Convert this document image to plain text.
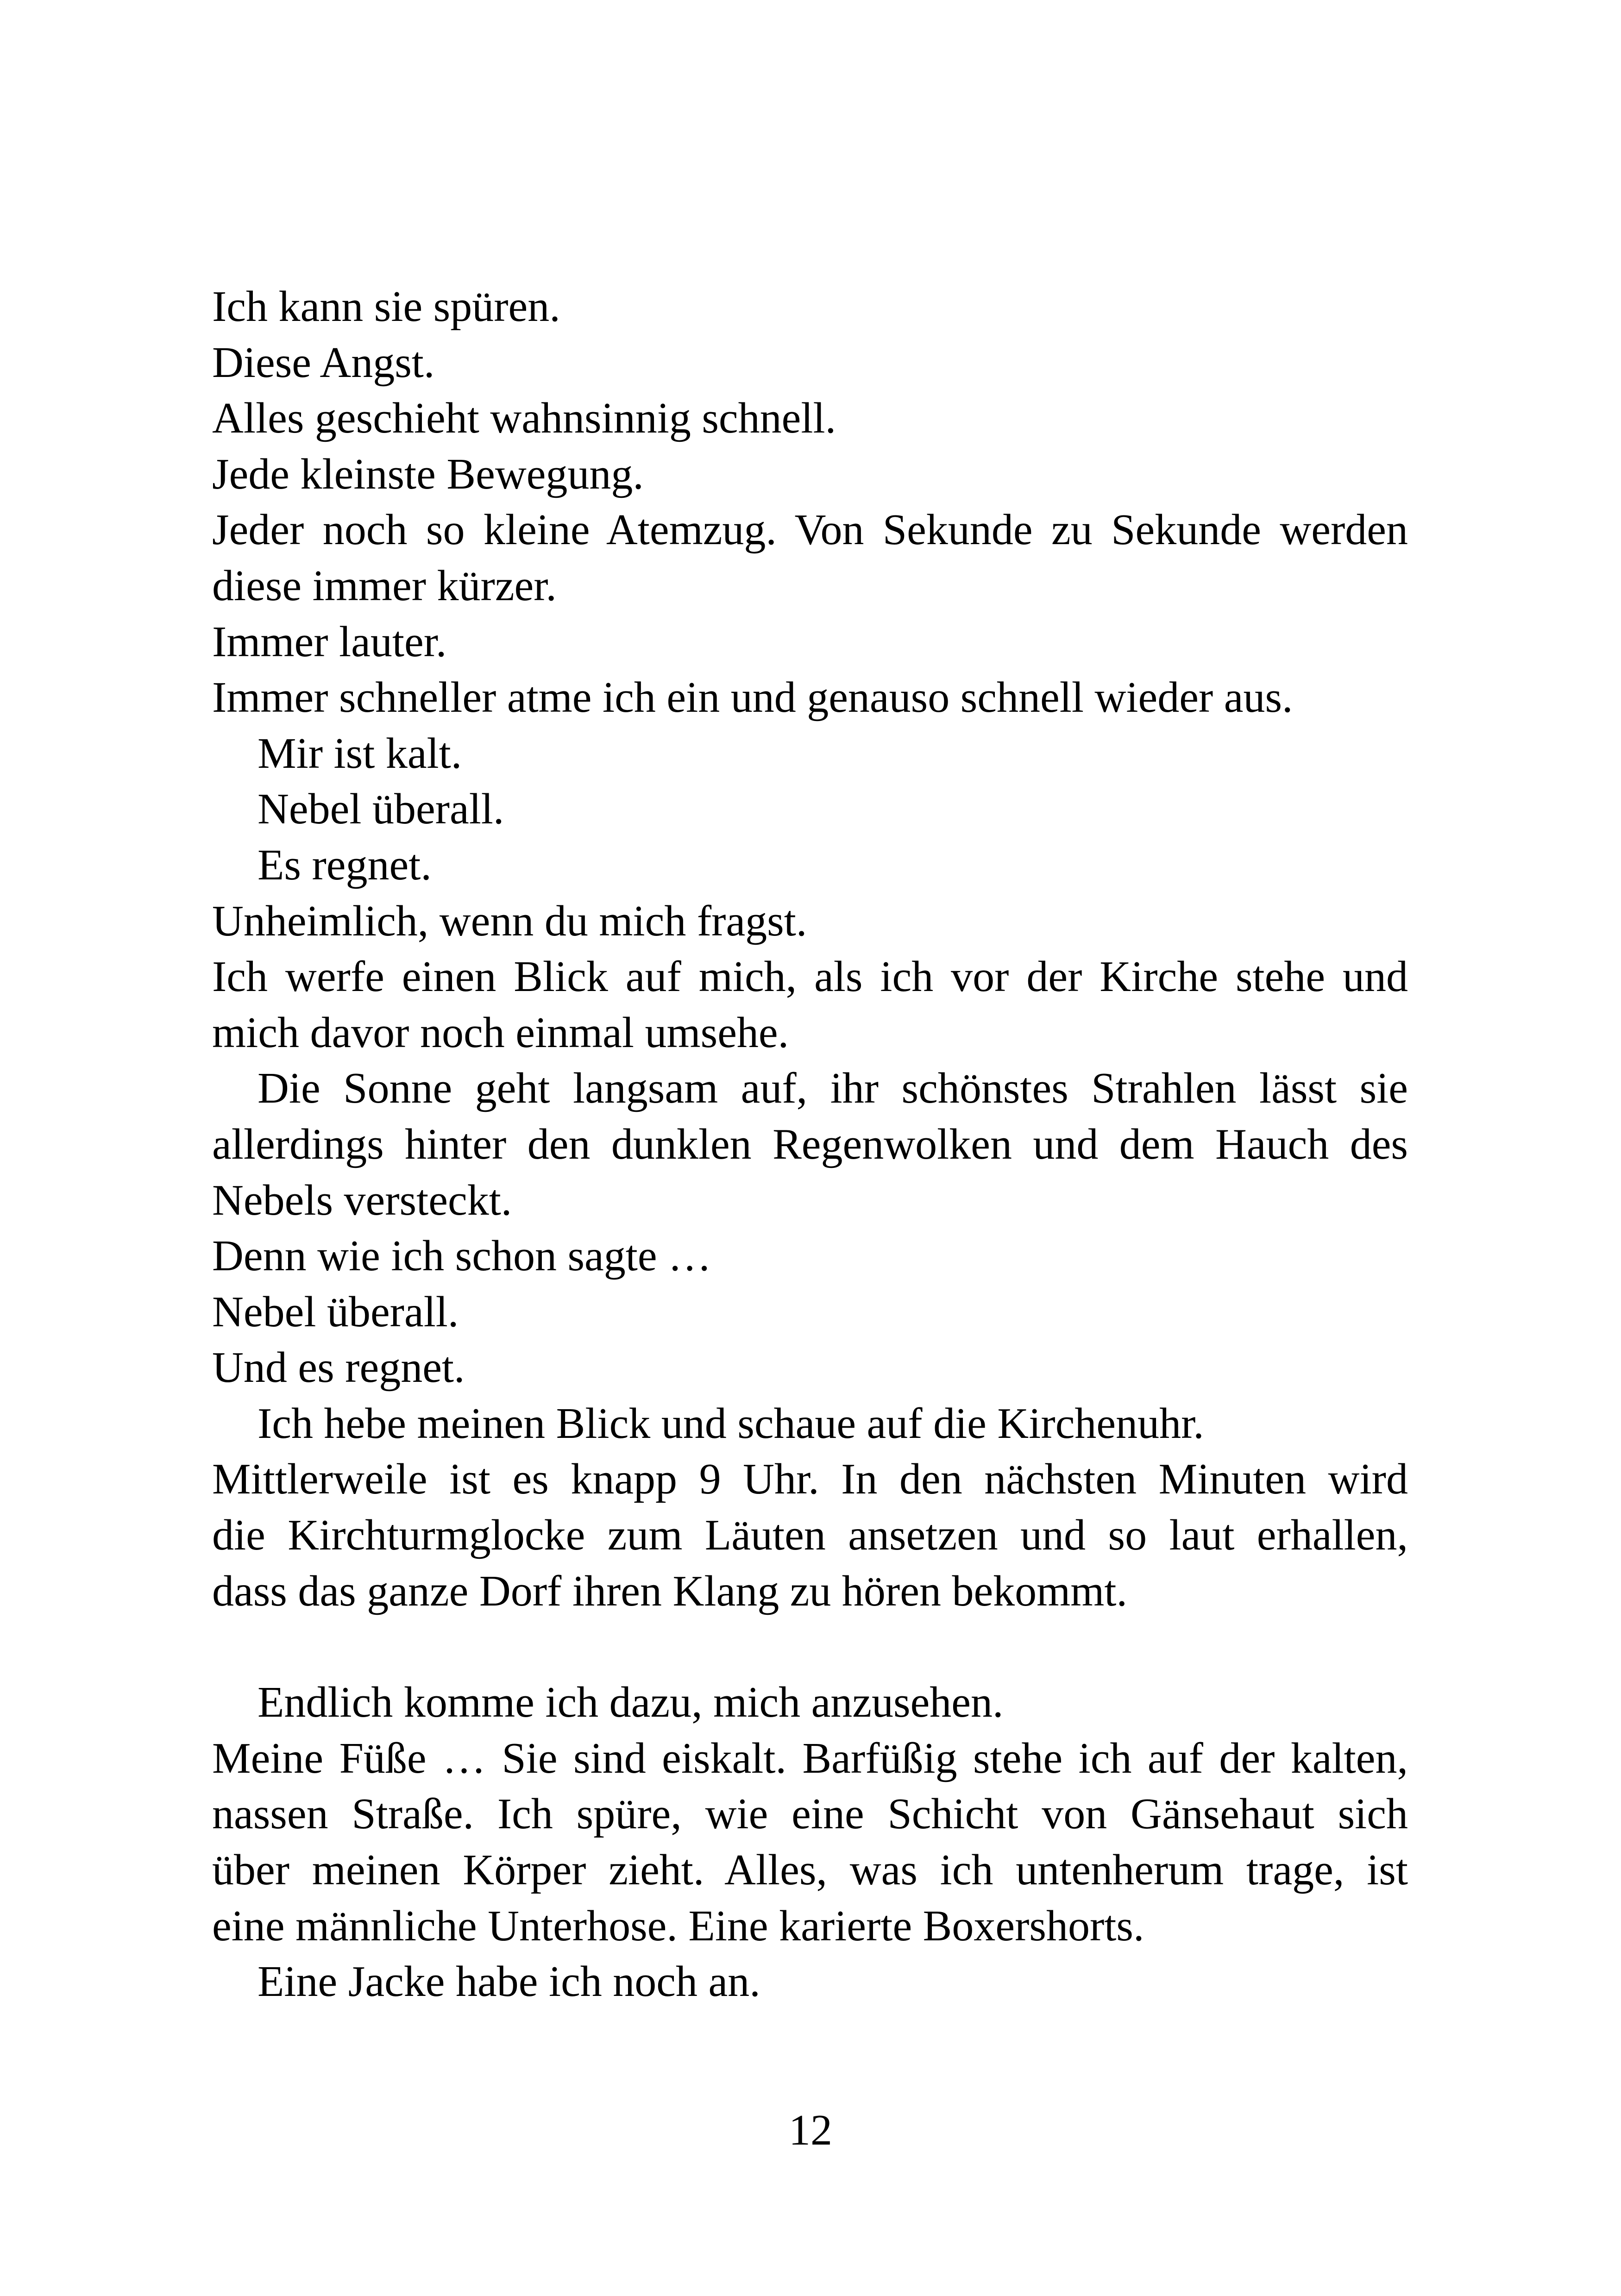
Ich kann sie spüren.
Diese Angst.
Alles geschieht wahnsinnig schnell.
Jede kleinste Bewegung.
Jeder noch so kleine Atemzug. Von Sekunde zu Sekunde werden
diese immer kürzer.
Immer lauter.
Immer schneller atme ich ein und genauso schnell wieder aus.
Mir ist kalt.
Nebel überall.
Es regnet.
Unheimlich, wenn du mich fragst.
Ich werfe einen Blick auf mich, als ich vor der Kirche stehe und
mich davor noch einmal umsehe.
Die Sonne geht langsam auf, ihr schönstes Strahlen lässt sie
allerdings hinter den dunklen Regenwolken und dem Hauch des
Nebels versteckt.
Denn wie ich schon sagte …
Nebel überall.
Und es regnet.
Ich hebe meinen Blick und schaue auf die Kirchenuhr.
Mittlerweile ist es knapp 9 Uhr. In den nächsten Minuten wird
die Kirchturmglocke zum Läuten ansetzen und so laut erhallen,
dass das ganze Dorf ihren Klang zu hören bekommt.
Endlich komme ich dazu, mich anzusehen.
Meine Füße … Sie sind eiskalt. Barfüßig stehe ich auf der kalten,
nassen Straße. Ich spüre, wie eine Schicht von Gänsehaut sich
über meinen Körper zieht. Alles, was ich untenherum trage, ist
eine männliche Unterhose. Eine karierte Boxershorts.
Eine Jacke habe ich noch an.
12
